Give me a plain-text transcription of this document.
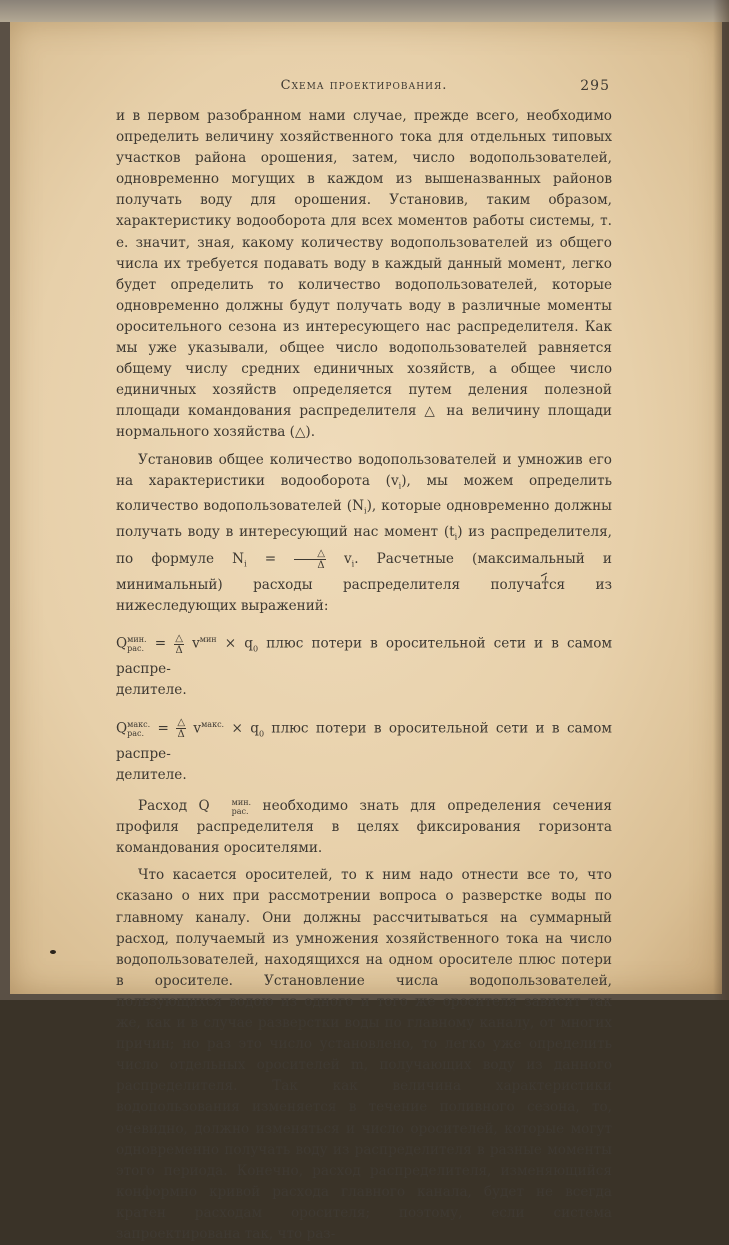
Схема проектирования.	295

и в первом разобранном нами случае, прежде всего, необходимо определить величину хозяйственного тока для отдельных типовых участков района орошения, затем, число водопользователей, одновременно могущих в каждом из вышеназванных районов получать воду для орошения. Установив, таким образом, характеристику водооборота для всех моментов работы системы, т. е. значит, зная, какому количеству водопользователей из общего числа их требуется подавать воду в каждый данный момент, легко будет определить то количество водопользователей, которые одновременно должны будут получать воду в различные моменты оросительного сезона из интересующего нас распределителя. Как мы уже указывали, общее число водопользователей равняется общему числу средних единичных хозяйств, а общее число единичных хозяйств определяется путем деления полезной площади командования распределителя △ на величину площади нормального хозяйства (△).

Установив общее количество водопользователей и умножив его на характеристики водооборота $(v_i)$, мы можем определить количество водопользователей $(N_i)$, которые одновременно должны получать воду в интересующий нас момент $(t_i)$ из распределителя, по формуле $N_i = \frac{\triangle}{\Delta} v_i$. Расчетные (максимальный и минимальный) расходы распределителя получатся из нижеследующих выражений:

Q мин.
рас. = $\frac{\triangle}{\Delta} v^{мин} \times q_0$ плюс потери в оросительной сети и в самом распре-
делителе.
Q макс.
рас. = $\frac{\triangle}{\Delta} v^{макс.} \times q_0$ плюс потери в оросительной сети и в самом распре-
делителе.

Расход Q	мин.
рас. необходимо знать для определения сечения профиля распределителя в целях фиксирования горизонта командования оросителями.

Что касается оросителей, то к ним надо отнести все то, что сказано о них при рассмотрении вопроса о разверстке воды по главному каналу. Они должны рассчитываться на суммарный расход, получаемый из умножения хозяйственного тока на число водопользователей, находящихся на одном оросителе плюс потери в оросителе. Установление числа водопользователей, пользующихся водою из одного и того же оросителя зависит так же, как и в случае разверстки воды по главному каналу, от многих причин; но раз это число установлено, то легко уже определить число отдельных оросителей m, получающих воду из данного распределителя. Так как величина характеристики водопользования изменяется в течение поливного сезона, то, очевидно, должно изменяться и число оросителей, которые могут одновременно получать воду из распределителя в разные моменты этого периода. Конечно, расход распределителя, изменяющийся конформно кривой расхода главного канала, будет не всегда кратен расходам оросителя; поэтому, если система запроектирована так, что раз-
